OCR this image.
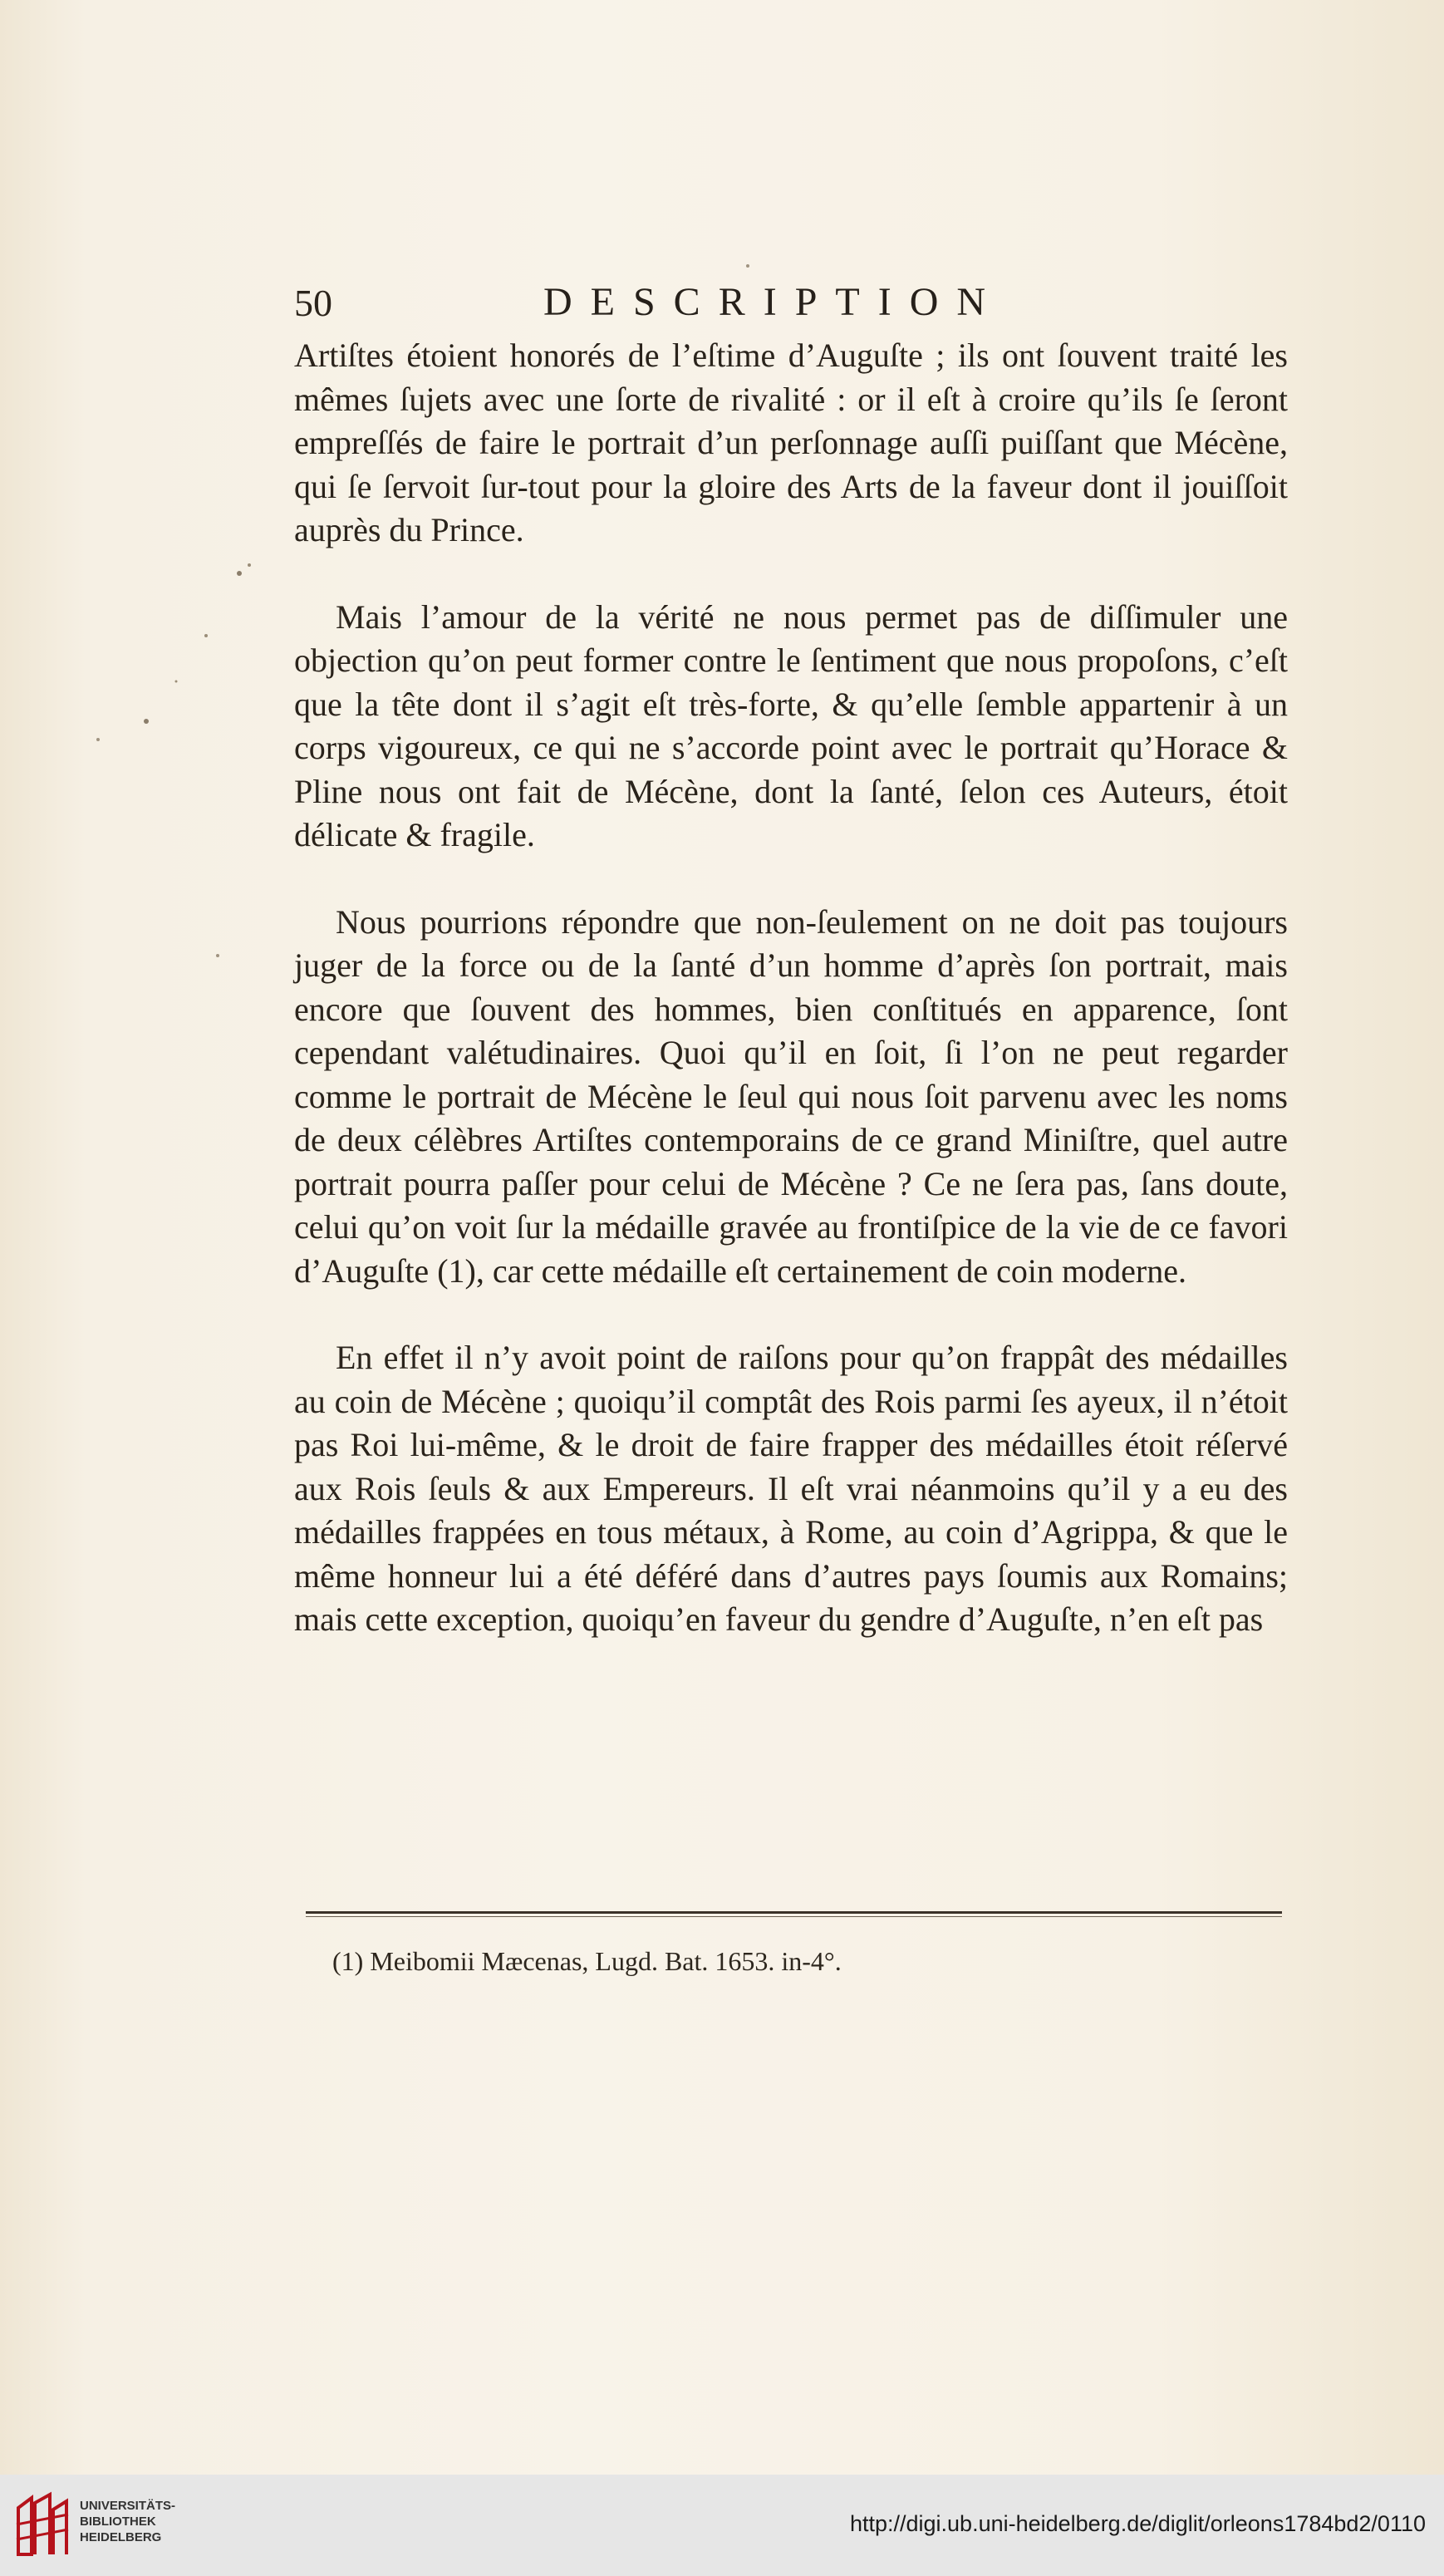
50	DESCRIPTION

Artiſtes étoient honorés de l’eſtime d’Auguſte ; ils ont ſouvent traité les mêmes ſujets avec une ſorte de rivalité : or il eſt à croire qu’ils ſe ſeront empreſſés de faire le portrait d’un perſonnage auſſi puiſſant que Mécène, qui ſe ſervoit ſur-tout pour la gloire des Arts de la faveur dont il jouiſſoit auprès du Prince.

Mais l’amour de la vérité ne nous permet pas de diſſimuler une objection qu’on peut former contre le ſentiment que nous propoſons, c’eſt que la tête dont il s’agit eſt très-forte, & qu’elle ſemble appartenir à un corps vigoureux, ce qui ne s’accorde point avec le portrait qu’Horace & Pline nous ont fait de Mécène, dont la ſanté, ſelon ces Auteurs, étoit délicate & fragile.

Nous pourrions répondre que non-ſeulement on ne doit pas toujours juger de la force ou de la ſanté d’un homme d’après ſon portrait, mais encore que ſouvent des hommes, bien conſtitués en apparence, ſont cependant valétudinaires. Quoi qu’il en ſoit, ſi l’on ne peut regarder comme le portrait de Mécène le ſeul qui nous ſoit parvenu avec les noms de deux célèbres Artiſtes contemporains de ce grand Miniſtre, quel autre portrait pourra paſſer pour celui de Mécène ? Ce ne ſera pas, ſans doute, celui qu’on voit ſur la médaille gravée au frontiſpice de la vie de ce favori d’Auguſte (1), car cette médaille eſt certainement de coin moderne.

En effet il n’y avoit point de raiſons pour qu’on frappât des médailles au coin de Mécène ; quoiqu’il comptât des Rois parmi ſes ayeux, il n’étoit pas Roi lui-même, & le droit de faire frapper des médailles étoit réſervé aux Rois ſeuls & aux Empereurs. Il eſt vrai néanmoins qu’il y a eu des médailles frappées en tous métaux, à Rome, au coin d’Agrippa, & que le même honneur lui a été déféré dans d’autres pays ſoumis aux Romains; mais cette exception, quoiqu’en faveur du gendre d’Auguſte, n’en eſt pas

(1) Meibomii Mæcenas, Lugd. Bat. 1653. in-4°.
UNIVERSITÄTS-
BIBLIOTHEK
HEIDELBERG
http://digi.ub.uni-heidelberg.de/diglit/orleons1784bd2/0110
